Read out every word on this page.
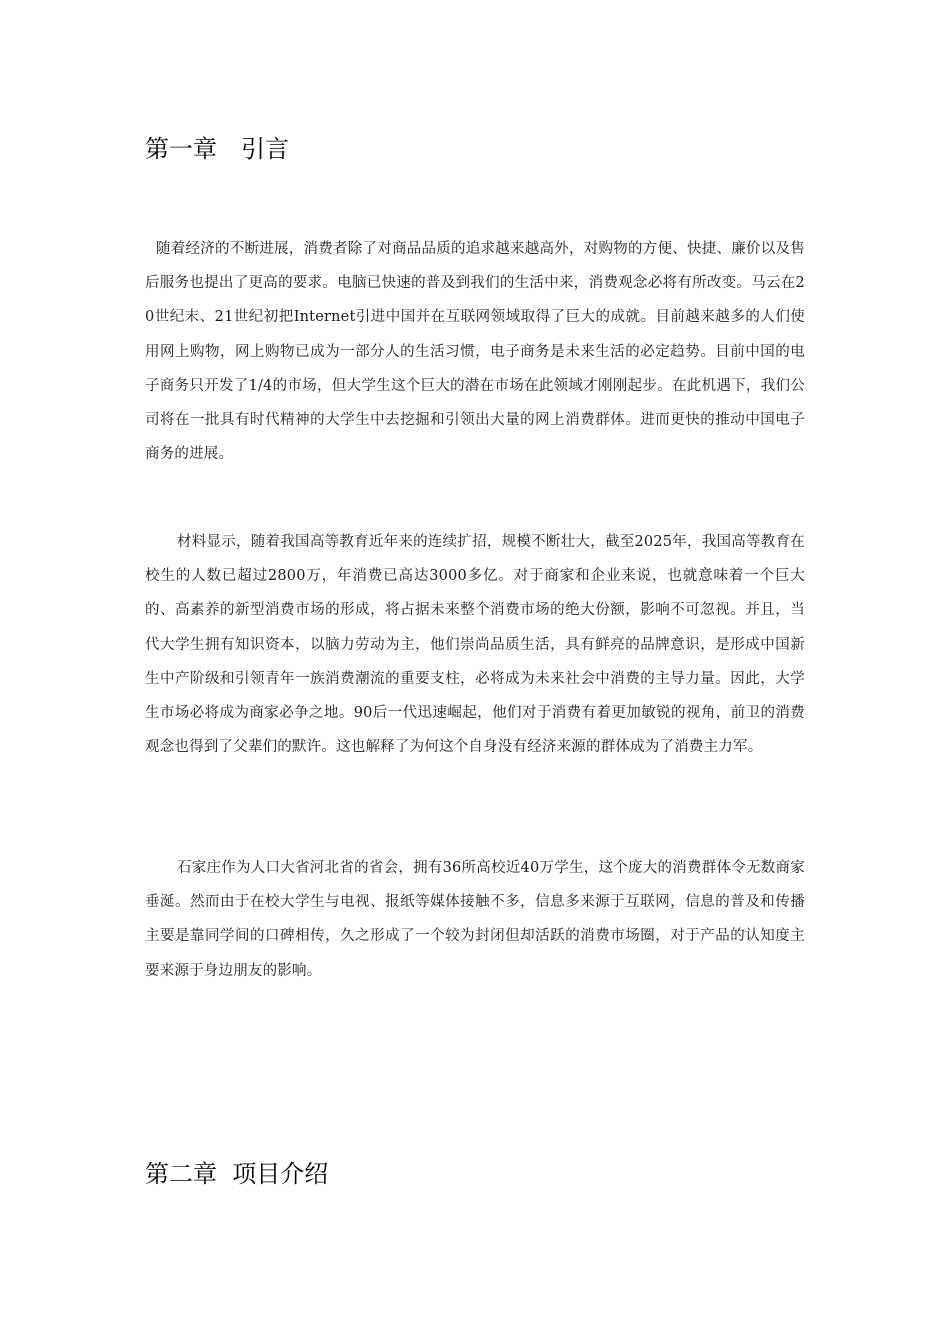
第一章　引言

随着经济的不断进展，消费者除了对商品品质的追求越来越高外，对购物的方便、快捷、廉价以及售后服务也提出了更高的要求。电脑已快速的普及到我们的生活中来，消费观念必将有所改变。马云在20世纪末、21世纪初把Internet引进中国并在互联网领域取得了巨大的成就。目前越来越多的人们使用网上购物，网上购物已成为一部分人的生活习惯，电子商务是未来生活的必定趋势。目前中国的电子商务只开发了1/4的市场，但大学生这个巨大的潜在市场在此领域才刚刚起步。在此机遇下，我们公司将在一批具有时代精神的大学生中去挖掘和引领出大量的网上消费群体。进而更快的推动中国电子商务的进展。

材料显示，随着我国高等教育近年来的连续扩招，规模不断壮大，截至2025年，我国高等教育在校生的人数已超过2800万，年消费已高达3000多亿。对于商家和企业来说，也就意味着一个巨大的、高素养的新型消费市场的形成，将占据未来整个消费市场的绝大份额，影响不可忽视。并且，当代大学生拥有知识资本，以脑力劳动为主，他们崇尚品质生活，具有鲜亮的品牌意识，是形成中国新生中产阶级和引领青年一族消费潮流的重要支柱，必将成为未来社会中消费的主导力量。因此，大学生市场必将成为商家必争之地。90后一代迅速崛起，他们对于消费有着更加敏锐的视角，前卫的消费观念也得到了父辈们的默许。这也解释了为何这个自身没有经济来源的群体成为了消费主力军。

石家庄作为人口大省河北省的省会，拥有36所高校近40万学生，这个庞大的消费群体令无数商家垂涎。然而由于在校大学生与电视、报纸等媒体接触不多，信息多来源于互联网，信息的普及和传播主要是靠同学间的口碑相传，久之形成了一个较为封闭但却活跃的消费市场圈，对于产品的认知度主要来源于身边朋友的影响。

第二章  项目介绍
